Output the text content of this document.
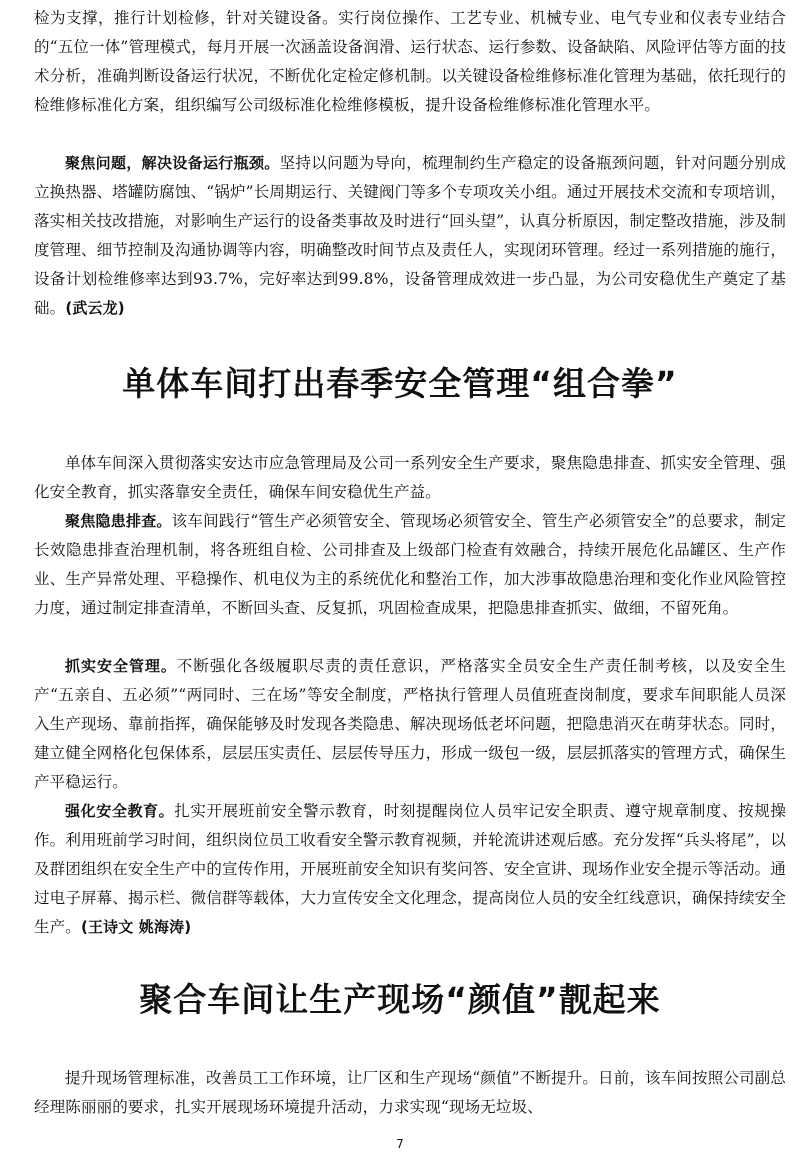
检为支撑，推行计划检修，针对关键设备。实行岗位操作、工艺专业、机械专业、电气专业和仪表专业结合的“五位一体”管理模式，每月开展一次涵盖设备润滑、运行状态、运行参数、设备缺陷、风险评估等方面的技术分析，准确判断设备运行状况，不断优化定检定修机制。以关键设备检维修标准化管理为基础，依托现行的检维修标准化方案，组织编写公司级标准化检维修模板，提升设备检维修标准化管理水平。

聚焦问题，解决设备运行瓶颈。坚持以问题为导向，梳理制约生产稳定的设备瓶颈问题，针对问题分别成立换热器、塔罐防腐蚀、“锅炉”长周期运行、关键阀门等多个专项攻关小组。通过开展技术交流和专项培训，落实相关技改措施，对影响生产运行的设备类事故及时进行“回头望”，认真分析原因，制定整改措施，涉及制度管理、细节控制及沟通协调等内容，明确整改时间节点及责任人，实现闭环管理。经过一系列措施的施行，设备计划检维修率达到93.7%，完好率达到99.8%，设备管理成效进一步凸显，为公司安稳优生产奠定了基础。(武云龙)

单体车间打出春季安全管理“组合拳”

单体车间深入贯彻落实安达市应急管理局及公司一系列安全生产要求，聚焦隐患排查、抓实安全管理、强化安全教育，抓实落靠安全责任，确保车间安稳优生产益。

聚焦隐患排查。该车间践行“管生产必须管安全、管现场必须管安全、管生产必须管安全”的总要求，制定长效隐患排查治理机制，将各班组自检、公司排查及上级部门检查有效融合，持续开展危化品罐区、生产作业、生产异常处理、平稳操作、机电仪为主的系统优化和整治工作，加大涉事故隐患治理和变化作业风险管控力度，通过制定排查清单，不断回头查、反复抓，巩固检查成果，把隐患排查抓实、做细，不留死角。

抓实安全管理。不断强化各级履职尽责的责任意识，严格落实全员安全生产责任制考核，以及安全生产“五亲自、五必须”“两同时、三在场”等安全制度，严格执行管理人员值班查岗制度，要求车间职能人员深入生产现场、靠前指挥，确保能够及时发现各类隐患、解决现场低老坏问题，把隐患消灭在萌芽状态。同时，建立健全网格化包保体系，层层压实责任、层层传导压力，形成一级包一级，层层抓落实的管理方式，确保生产平稳运行。

强化安全教育。扎实开展班前安全警示教育，时刻提醒岗位人员牢记安全职责、遵守规章制度、按规操作。利用班前学习时间，组织岗位员工收看安全警示教育视频，并轮流讲述观后感。充分发挥“兵头将尾”，以及群团组织在安全生产中的宣传作用，开展班前安全知识有奖问答、安全宣讲、现场作业安全提示等活动。通过电子屏幕、揭示栏、微信群等载体，大力宣传安全文化理念，提高岗位人员的安全红线意识，确保持续安全生产。(王诗文 姚海涛)

聚合车间让生产现场“颜值”靓起来

提升现场管理标准，改善员工工作环境，让厂区和生产现场“颜值”不断提升。日前，该车间按照公司副总经理陈丽丽的要求，扎实开展现场环境提升活动，力求实现“现场无垃圾、

7
